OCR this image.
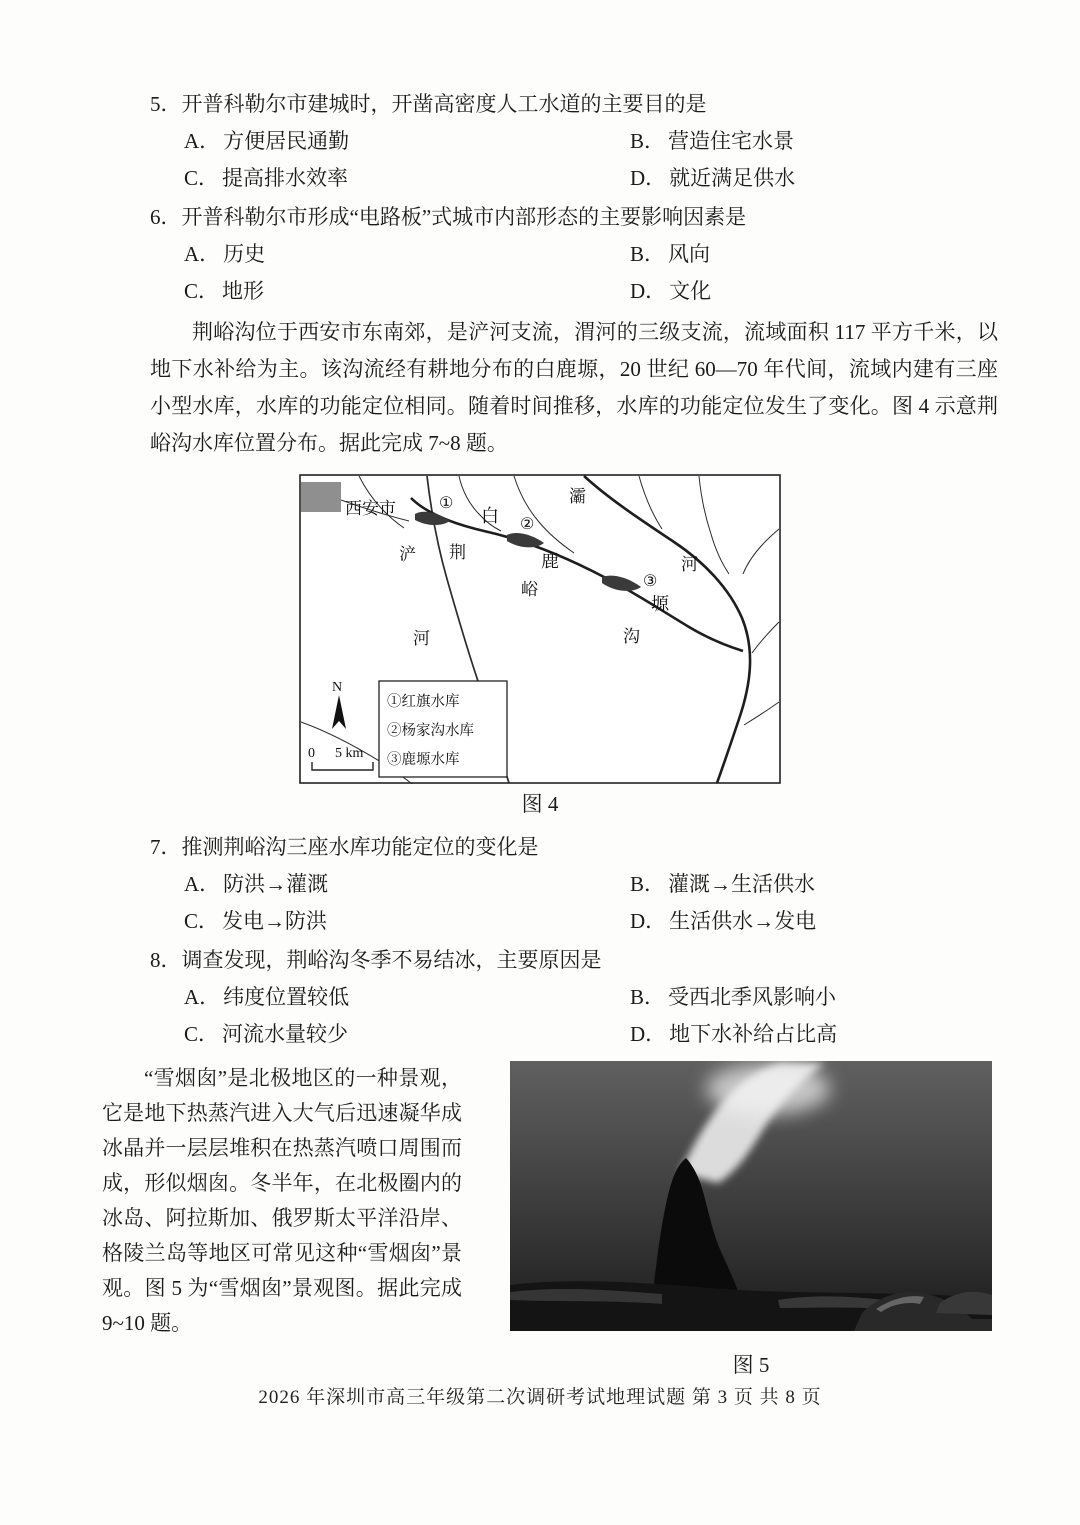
5． 开普科勒尔市建城时，开凿高密度人工水道的主要目的是
A． 方便居民通勤	B． 营造住宅水景
C． 提高排水效率	D． 就近满足供水
6． 开普科勒尔市形成“电路板”式城市内部形态的主要影响因素是
A． 历史	B． 风向
C． 地形	D． 文化
荆峪沟位于西安市东南郊，是浐河支流，渭河的三级支流，流域面积 117 平方千米，以地下水补给为主。该沟流经有耕地分布的白鹿塬，20 世纪 60—70 年代间，流域内建有三座小型水库，水库的功能定位相同。随着时间推移，水库的功能定位发生了变化。图 4 示意荆峪沟水库位置分布。据此完成 7~8 题。
西安市	①
②
③
浐
河
灞
河
白
鹿
塬
荆
峪
沟
N
0 5 km
①红旗水库
②杨家沟水库
③鹿塬水库
图 4
7． 推测荆峪沟三座水库功能定位的变化是
A． 防洪→灌溉	B． 灌溉→生活供水
C． 发电→防洪	D． 生活供水→发电
8． 调查发现，荆峪沟冬季不易结冰，主要原因是
A． 纬度位置较低	B． 受西北季风影响小
C． 河流水量较少	D． 地下水补给占比高
“雪烟囱”是北极地区的一种景观，它是地下热蒸汽进入大气后迅速凝华成冰晶并一层层堆积在热蒸汽喷口周围而成，形似烟囱。冬半年，在北极圈内的冰岛、阿拉斯加、俄罗斯太平洋沿岸、格陵兰岛等地区可常见这种“雪烟囱”景观。图 5 为“雪烟囱”景观图。据此完成 9~10 题。
图 5
2026 年深圳市高三年级第二次调研考试地理试题 第 3 页 共 8 页
